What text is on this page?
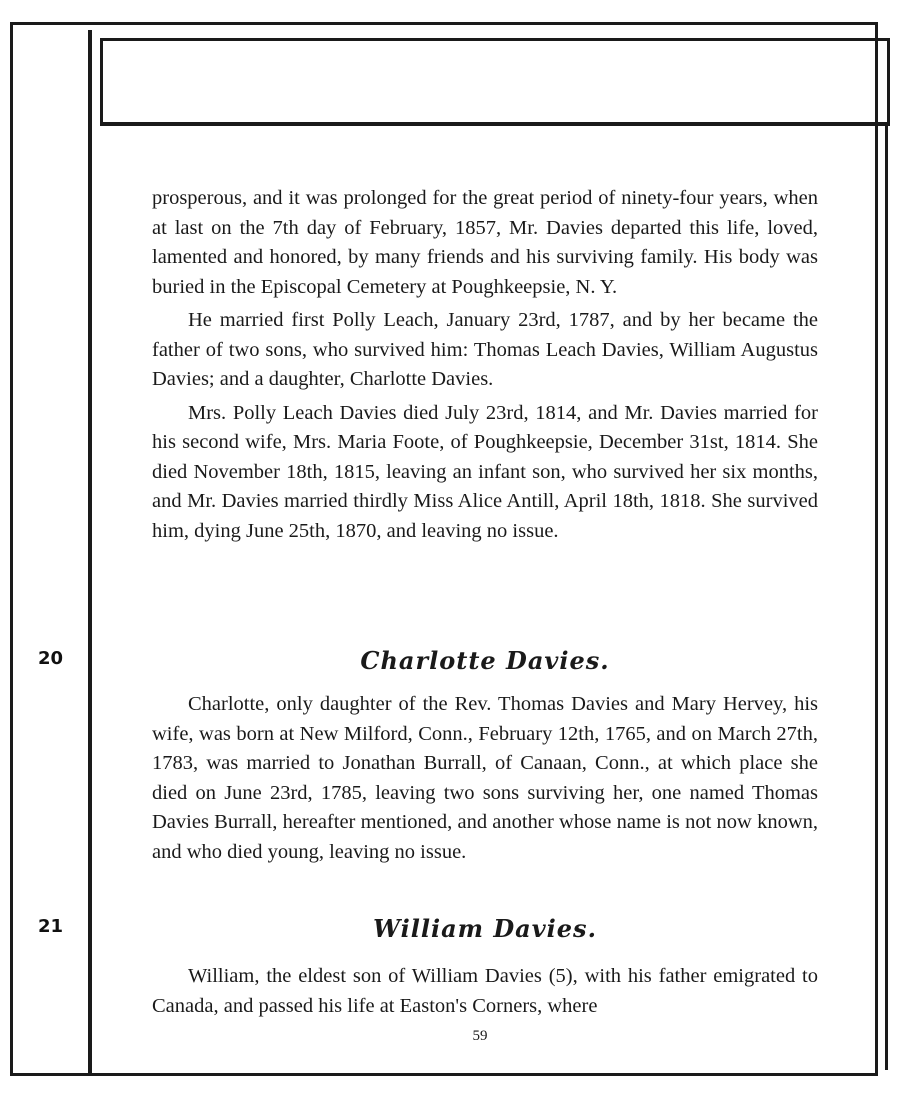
prosperous, and it was prolonged for the great period of ninety-four years, when at last on the 7th day of February, 1857, Mr. Davies departed this life, loved, lamented and honored, by many friends and his surviving family. His body was buried in the Episcopal Cemetery at Poughkeepsie, N. Y.

He married first Polly Leach, January 23rd, 1787, and by her became the father of two sons, who survived him: Thomas Leach Davies, William Augustus Davies; and a daughter, Charlotte Davies.

Mrs. Polly Leach Davies died July 23rd, 1814, and Mr. Davies married for his second wife, Mrs. Maria Foote, of Poughkeepsie, December 31st, 1814. She died November 18th, 1815, leaving an infant son, who survived her six months, and Mr. Davies married thirdly Miss Alice Antill, April 18th, 1818. She survived him, dying June 25th, 1870, and leaving no issue.

20	Charlotte Davies.

Charlotte, only daughter of the Rev. Thomas Davies and Mary Hervey, his wife, was born at New Milford, Conn., February 12th, 1765, and on March 27th, 1783, was married to Jonathan Burrall, of Canaan, Conn., at which place she died on June 23rd, 1785, leaving two sons surviving her, one named Thomas Davies Burrall, hereafter mentioned, and another whose name is not now known, and who died young, leaving no issue.

21	William Davies.

William, the eldest son of William Davies (5), with his father emigrated to Canada, and passed his life at Easton's Corners, where

59
